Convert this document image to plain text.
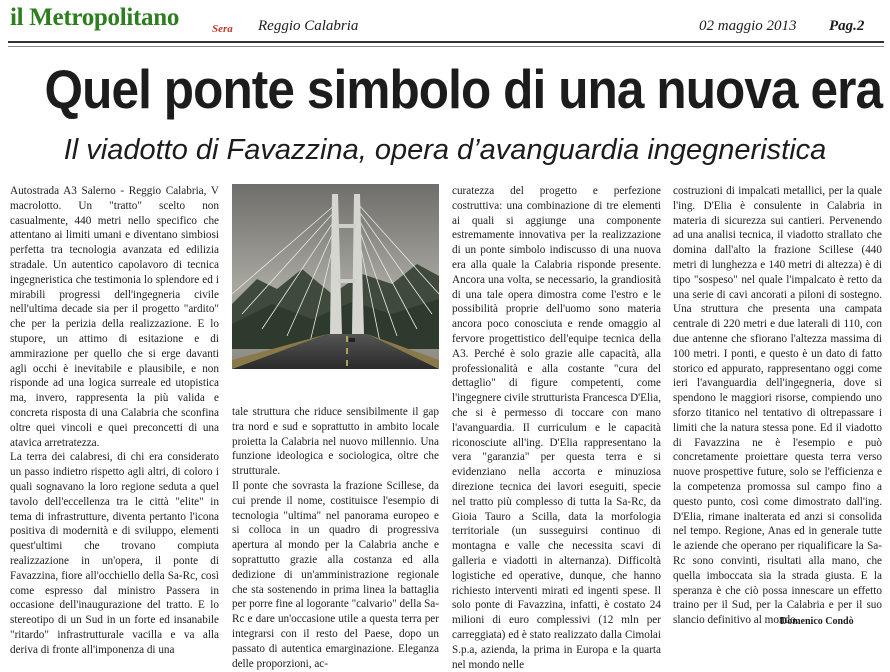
il Metropolitano	Sera Reggio Calabria	02 maggio 2013 Pag.2
Quel ponte simbolo di una nuova era
Il viadotto di Favazzina, opera d’avanguardia ingegneristica

Autostrada A3 Salerno - Reggio Calabria, V macrolotto. Un "tratto" scelto non casualmente, 440 metri nello specifico che attentano ai limiti umani e diventano simbiosi perfetta tra tecnologia avanzata ed edilizia stradale. Un autentico capolavoro di tecnica ingegneristica che testimonia lo splendore ed i mirabili progressi dell'ingegneria civile nell'ultima decade sia per il progetto "ardito" che per la perizia della realizzazione. E lo stupore, un attimo di esitazione e di ammirazione per quello che si erge davanti agli occhi è inevitabile e plausibile, e non risponde ad una logica surreale ed utopistica ma, invero, rappresenta la più valida e concreta risposta di una Calabria che sconfina oltre quei vincoli e quei preconcetti di una atavica arretratezza.

La terra dei calabresi, di chi era considerato un passo indietro rispetto agli altri, di coloro i quali sognavano la loro regione seduta a quel tavolo dell'eccellenza tra le città "elite" in tema di infrastrutture, diventa pertanto l'icona positiva di modernità e di sviluppo, elementi quest'ultimi che trovano compiuta realizzazione in un'opera, il ponte di Favazzina, fiore all'occhiello della Sa-Rc, così come espresso dal ministro Passera in occasione dell'inaugurazione del tratto. E lo stereotipo di un Sud in un forte ed insanabile "ritardo" infrastrutturale vacilla e va alla deriva di fronte all'imponenza di una

tale struttura che riduce sensibilmente il gap tra nord e sud e soprattutto in ambito locale proietta la Calabria nel nuovo millennio. Una funzione ideologica e sociologica, oltre che strutturale.

Il ponte che sovrasta la frazione Scillese, da cui prende il nome, costituisce l'esempio di tecnologia "ultima" nel panorama europeo e si colloca in un quadro di progressiva apertura al mondo per la Calabria anche e soprattutto grazie alla costanza ed alla dedizione di un'amministrazione regionale che sta sostenendo in prima linea la battaglia per porre fine al logorante "calvario" della Sa-Rc e dare un'occasione utile a questa terra per integrarsi con il resto del Paese, dopo un passato di autentica emarginazione. Eleganza delle proporzioni, ac-

curatezza del progetto e perfezione costruttiva: una combinazione di tre elementi ai quali si aggiunge una componente estremamente innovativa per la realizzazione di un ponte simbolo indiscusso di una nuova era alla quale la Calabria risponde presente. Ancora una volta, se necessario, la grandiosità di una tale opera dimostra come l'estro e le possibilità proprie dell'uomo sono materia ancora poco conosciuta e rende omaggio al fervore progettistico dell'equipe tecnica della A3. Perché è solo grazie alle capacità, alla professionalità e alla costante "cura del dettaglio" di figure competenti, come l'ingegnere civile strutturista Francesca D'Elia, che si è permesso di toccare con mano l'avanguardia. Il curriculum e le capacità riconosciute all'ing. D'Elia rappresentano la vera "garanzia" per questa terra e si evidenziano nella accorta e minuziosa direzione tecnica dei lavori eseguiti, specie nel tratto più complesso di tutta la Sa-Rc, da Gioia Tauro a Scilla, data la morfologia territoriale (un susseguirsi continuo di montagna e valle che necessita scavi di galleria e viadotti in alternanza). Difficoltà logistiche ed operative, dunque, che hanno richiesto interventi mirati ed ingenti spese. Il solo ponte di Favazzina, infatti, è costato 24 milioni di euro complessivi (12 mln per carreggiata) ed è stato realizzato dalla Cimolai S.p.a, azienda, la prima in Europa e la quarta nel mondo nelle

costruzioni di impalcati metallici, per la quale l'ing. D'Elia è consulente in Calabria in materia di sicurezza sui cantieri. Pervenendo ad una analisi tecnica, il viadotto strallato che domina dall'alto la frazione Scillese (440 metri di lunghezza e 140 metri di altezza) è di tipo "sospeso" nel quale l'impalcato è retto da una serie di cavi ancorati a piloni di sostegno. Una struttura che presenta una campata centrale di 220 metri e due laterali di 110, con due antenne che sfiorano l'altezza massima di 100 metri. I ponti, e questo è un dato di fatto storico ed appurato, rappresentano oggi come ieri l'avanguardia dell'ingegneria, dove si spendono le maggiori risorse, compiendo uno sforzo titanico nel tentativo di oltrepassare i limiti che la natura stessa pone. Ed il viadotto di Favazzina ne è l'esempio e può concretamente proiettare questa terra verso nuove prospettive future, solo se l'efficienza e la competenza promossa sul campo fino a questo punto, così come dimostrato dall'ing. D'Elia, rimane inalterata ed anzi si consolida nel tempo. Regione, Anas ed in generale tutte le aziende che operano per riqualificare la Sa-Rc sono convinti, risultati alla mano, che quella imboccata sia la strada giusta. E la speranza è che ciò possa innescare un effetto traino per il Sud, per la Calabria e per il suo slancio definitivo al mondo.

Domenico Condò
